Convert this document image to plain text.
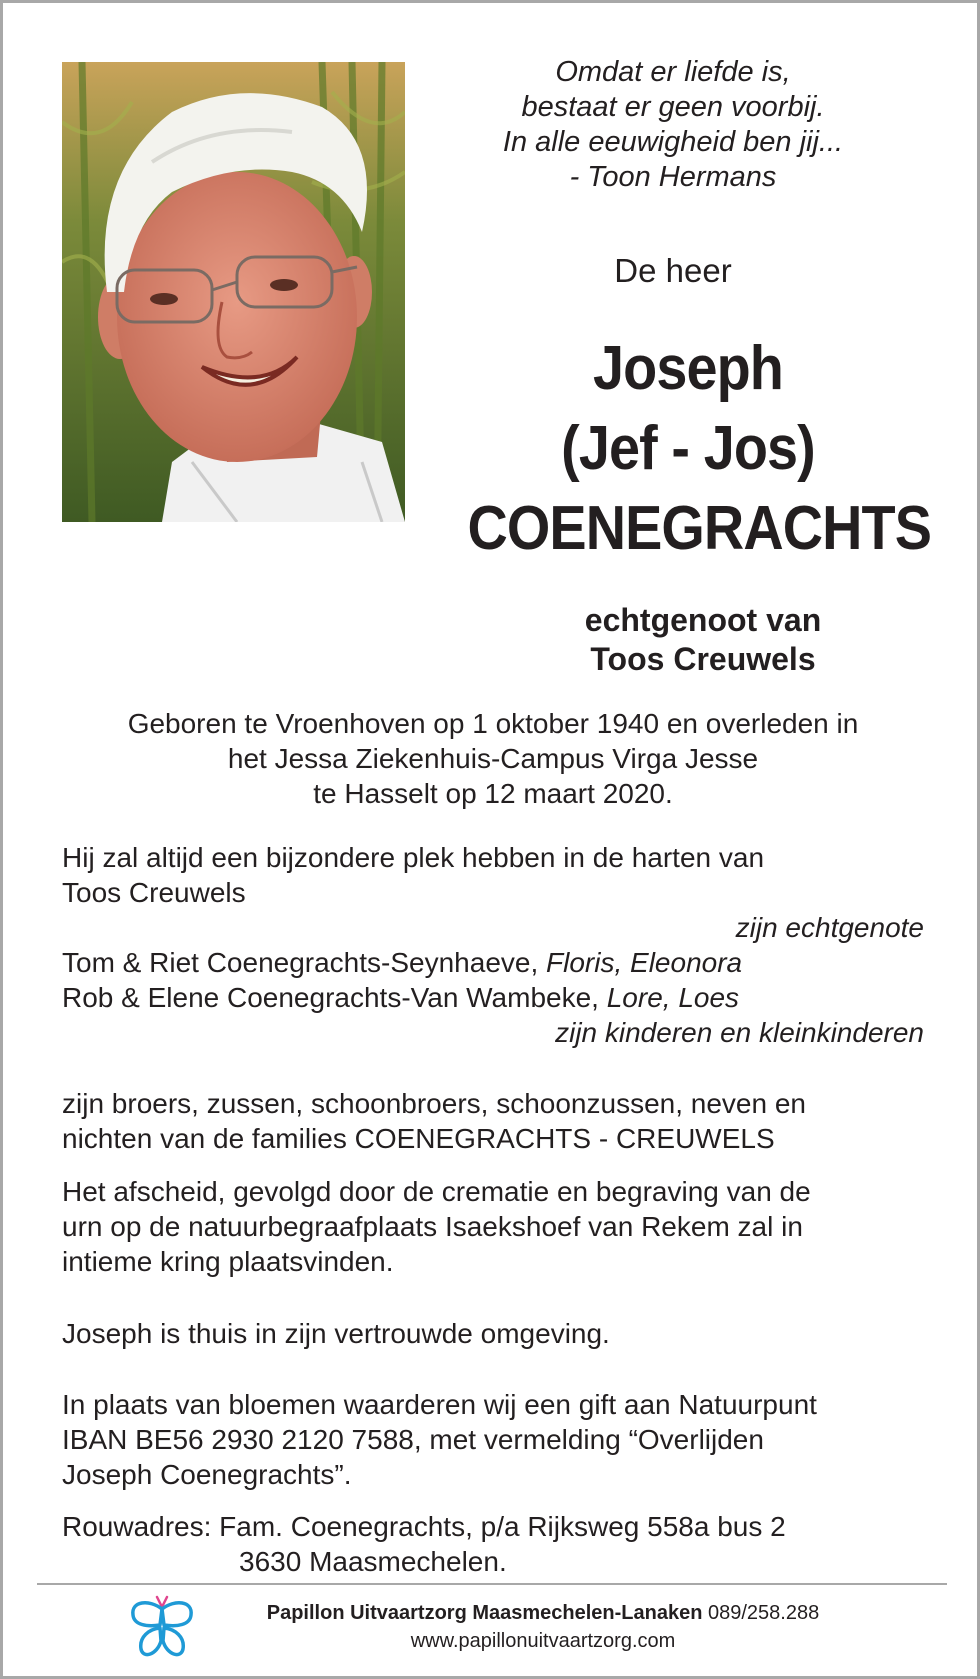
Omdat er liefde is,
bestaat er geen voorbij.
In alle eeuwigheid ben jij...
- Toon Hermans
De heer
Joseph
(Jef - Jos)
COENEGRACHTS
echtgenoot van
Toos Creuwels
Geboren te Vroenhoven op 1 oktober 1940 en overleden in
het Jessa Ziekenhuis-Campus Virga Jesse
te Hasselt op 12 maart 2020.
Hij zal altijd een bijzondere plek hebben in de harten van
Toos Creuwels
zijn echtgenote
Tom & Riet Coenegrachts-Seynhaeve, Floris, Eleonora
Rob & Elene Coenegrachts-Van Wambeke, Lore, Loes
zijn kinderen en kleinkinderen
zijn broers, zussen, schoonbroers, schoonzussen, neven en
nichten van de families COENEGRACHTS - CREUWELS
Het afscheid, gevolgd door de crematie en begraving van de
urn op de natuurbegraafplaats Isaekshoef van Rekem zal in
intieme kring plaatsvinden.
Joseph is thuis in zijn vertrouwde omgeving.
In plaats van bloemen waarderen wij een gift aan Natuurpunt
IBAN BE56 2930 2120 7588, met vermelding “Overlijden
Joseph Coenegrachts”.
Rouwadres: Fam. Coenegrachts, p/a Rijksweg 558a bus 2
3630 Maasmechelen.
Papillon Uitvaartzorg Maasmechelen-Lanaken 089/258.288
www.papillonuitvaartzorg.com
